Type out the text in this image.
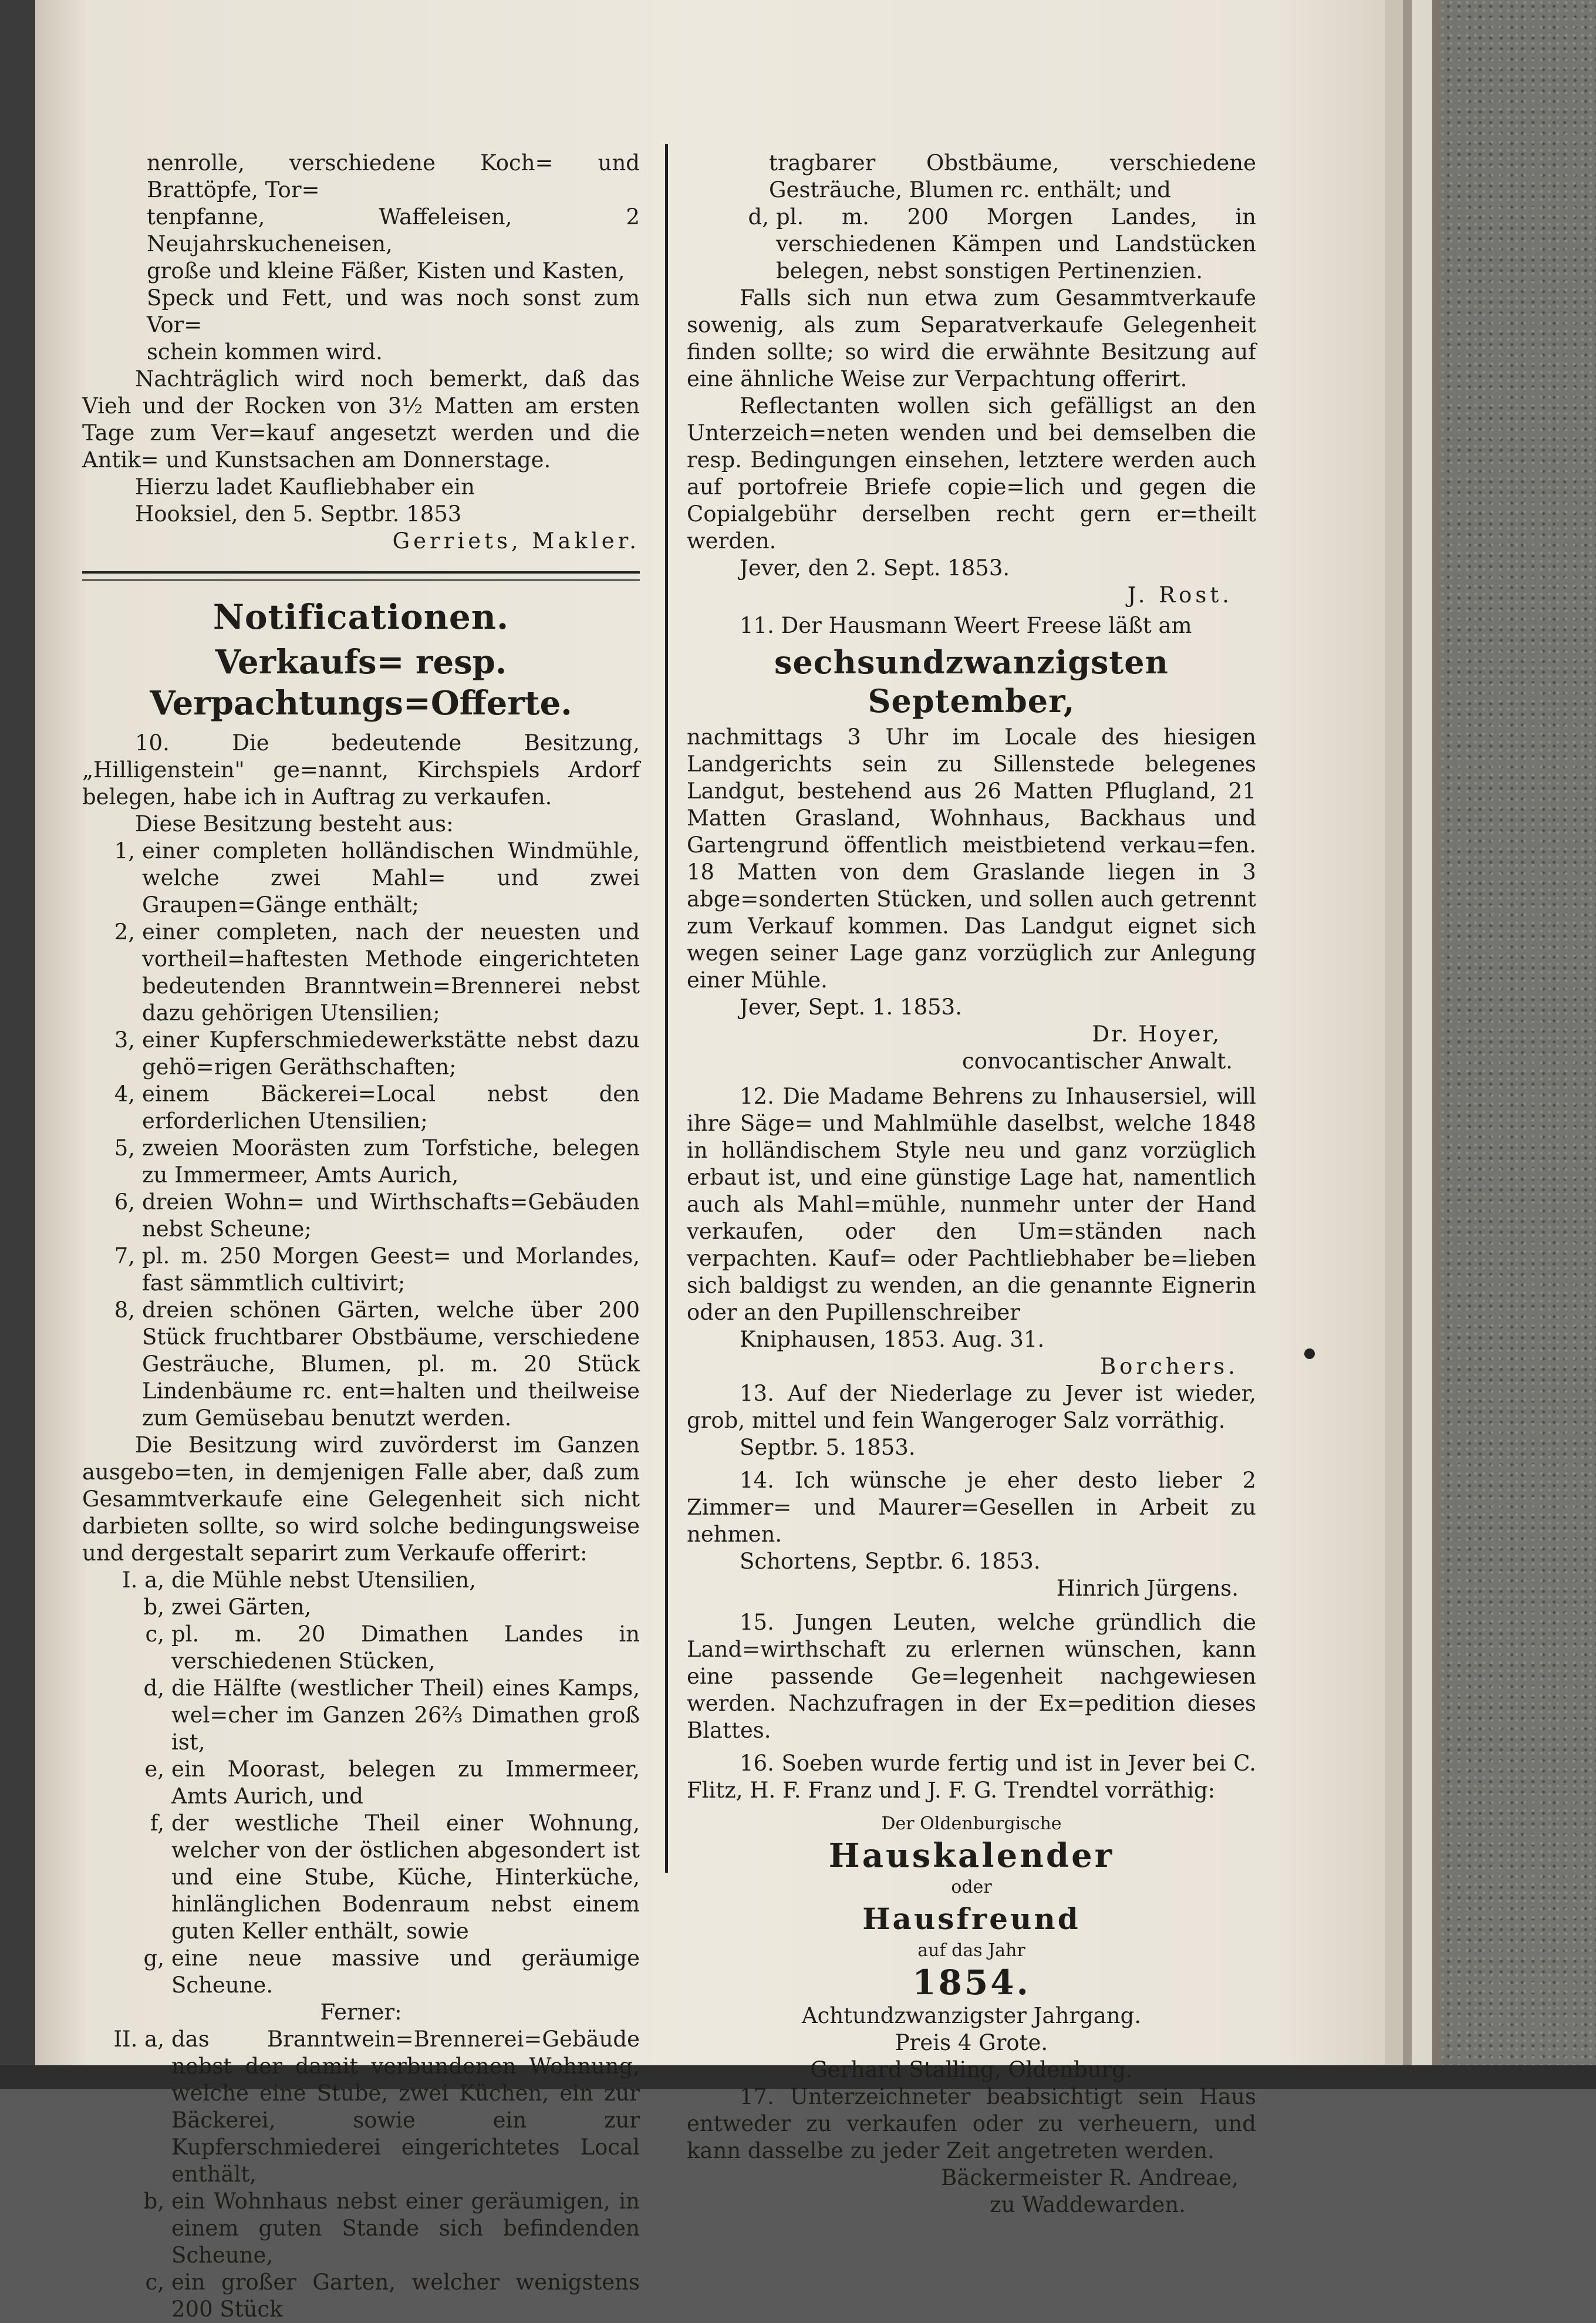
nenrolle, verschiedene Koch= und Brattöpfe, Tor=

tenpfanne, Waffeleisen, 2 Neujahrskucheneisen,

große und kleine Fäßer, Kisten und Kasten,

Speck und Fett, und was noch sonst zum Vor=

schein kommen wird.

Nachträglich wird noch bemerkt, daß das Vieh und der Rocken von 3½ Matten am ersten Tage zum Ver=kauf angesetzt werden und die Antik= und Kunstsachen am Donnerstage.

Hierzu ladet Kaufliebhaber ein

Hooksiel, den 5. Septbr. 1853

Gerriets, Makler.

Notificationen.
Verkaufs= resp. Verpachtungs=Offerte.

10. Die bedeutende Besitzung, „Hilligenstein" ge=nannt, Kirchspiels Ardorf belegen, habe ich in Auftrag zu verkaufen.

Diese Besitzung besteht aus:

1, einer completen holländischen Windmühle, welche zwei Mahl= und zwei Graupen=Gänge enthält;
2, einer completen, nach der neuesten und vortheil=haftesten Methode eingerichteten bedeutenden Branntwein=Brennerei nebst dazu gehörigen Utensilien;
3, einer Kupferschmiedewerkstätte nebst dazu gehö=rigen Geräthschaften;
4, einem Bäckerei=Local nebst den erforderlichen Utensilien;
5, zweien Moorästen zum Torfstiche, belegen zu Immermeer, Amts Aurich,
6, dreien Wohn= und Wirthschafts=Gebäuden nebst Scheune;
7, pl. m. 250 Morgen Geest= und Morlandes, fast sämmtlich cultivirt;
8, dreien schönen Gärten, welche über 200 Stück fruchtbarer Obstbäume, verschiedene Gesträuche, Blumen, pl. m. 20 Stück Lindenbäume rc. ent=halten und theilweise zum Gemüsebau benutzt werden.

Die Besitzung wird zuvörderst im Ganzen ausgebo=ten, in demjenigen Falle aber, daß zum Gesammtverkaufe eine Gelegenheit sich nicht darbieten sollte, so wird solche bedingungsweise und dergestalt separirt zum Verkaufe offerirt:

I. a, die Mühle nebst Utensilien,
b, zwei Gärten,
c, pl. m. 20 Dimathen Landes in verschiedenen Stücken,
d, die Hälfte (westlicher Theil) eines Kamps, wel=cher im Ganzen 26⅔ Dimathen groß ist,
e, ein Moorast, belegen zu Immermeer, Amts Aurich, und
f, der westliche Theil einer Wohnung, welcher von der östlichen abgesondert ist und eine Stube, Küche, Hinterküche, hinlänglichen Bodenraum nebst einem guten Keller enthält, sowie
g, eine neue massive und geräumige Scheune.

Ferner:

II. a, das Branntwein=Brennerei=Gebäude nebst der damit verbundenen Wohnung, welche eine Stube, zwei Küchen, ein zur Bäckerei, sowie ein zur Kupferschmiederei eingerichtetes Local enthält,
b, ein Wohnhaus nebst einer geräumigen, in einem guten Stande sich befindenden Scheune,
c, ein großer Garten, welcher wenigstens 200 Stück

tragbarer Obstbäume, verschiedene Gesträuche, Blumen rc. enthält; und

d, pl. m. 200 Morgen Landes, in verschiedenen Kämpen und Landstücken belegen, nebst sonstigen Pertinenzien.

Falls sich nun etwa zum Gesammtverkaufe sowenig, als zum Separatverkaufe Gelegenheit finden sollte; so wird die erwähnte Besitzung auf eine ähnliche Weise zur Verpachtung offerirt.

Reflectanten wollen sich gefälligst an den Unterzeich=neten wenden und bei demselben die resp. Bedingungen einsehen, letztere werden auch auf portofreie Briefe copie=lich und gegen die Copialgebühr derselben recht gern er=theilt werden.

Jever, den 2. Sept. 1853.

J. Rost.

11. Der Hausmann Weert Freese läßt am

sechsundzwanzigsten September,

nachmittags 3 Uhr im Locale des hiesigen Landgerichts sein zu Sillenstede belegenes Landgut, bestehend aus 26 Matten Pflugland, 21 Matten Grasland, Wohnhaus, Backhaus und Gartengrund öffentlich meistbietend verkau=fen. 18 Matten von dem Graslande liegen in 3 abge=sonderten Stücken, und sollen auch getrennt zum Verkauf kommen. Das Landgut eignet sich wegen seiner Lage ganz vorzüglich zur Anlegung einer Mühle.

Jever, Sept. 1. 1853.

Dr. Hoyer,

convocantischer Anwalt.

12. Die Madame Behrens zu Inhausersiel, will ihre Säge= und Mahlmühle daselbst, welche 1848 in holländischem Style neu und ganz vorzüglich erbaut ist, und eine günstige Lage hat, namentlich auch als Mahl=mühle, nunmehr unter der Hand verkaufen, oder den Um=ständen nach verpachten. Kauf= oder Pachtliebhaber be=lieben sich baldigst zu wenden, an die genannte Eignerin oder an den Pupillenschreiber

Kniphausen, 1853. Aug. 31.

Borchers.

13. Auf der Niederlage zu Jever ist wieder, grob, mittel und fein Wangeroger Salz vorräthig.

Septbr. 5. 1853.

14. Ich wünsche je eher desto lieber 2 Zimmer= und Maurer=Gesellen in Arbeit zu nehmen.

Schortens, Septbr. 6. 1853.

Hinrich Jürgens.

15. Jungen Leuten, welche gründlich die Land=wirthschaft zu erlernen wünschen, kann eine passende Ge=legenheit nachgewiesen werden. Nachzufragen in der Ex=pedition dieses Blattes.

16. Soeben wurde fertig und ist in Jever bei C. Flitz, H. F. Franz und J. F. G. Trendtel vorräthig:

Der Oldenburgische

Hauskalender

oder

Hausfreund

auf das Jahr

1854.

Achtundzwanzigster Jahrgang.

Preis 4 Grote.

Gerhard Stalling, Oldenburg.

17. Unterzeichneter beabsichtigt sein Haus entweder zu verkaufen oder zu verheuern, und kann dasselbe zu jeder Zeit angetreten werden.

Bäckermeister R. Andreae,

zu Waddewarden.
